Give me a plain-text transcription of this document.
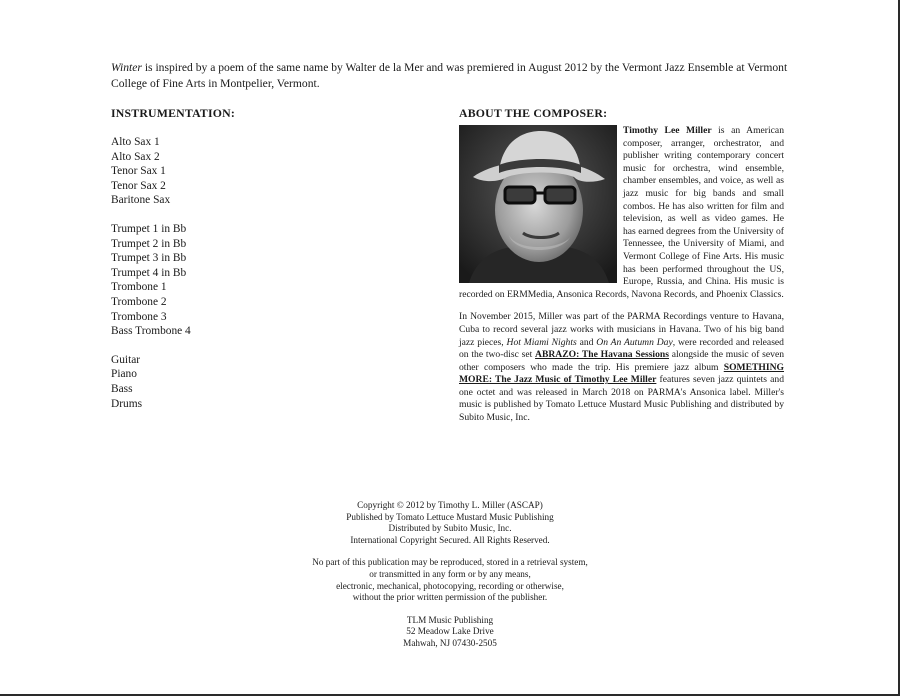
Winter is inspired by a poem of the same name by Walter de la Mer and was premiered in August 2012 by the Vermont Jazz Ensemble at Vermont College of Fine Arts in Montpelier, Vermont.

INSTRUMENTATION:
Alto Sax 1
Alto Sax 2
Tenor Sax 1
Tenor Sax 2
Baritone Sax
Trumpet 1 in Bb
Trumpet 2 in Bb
Trumpet 3 in Bb
Trumpet 4 in Bb
Trombone 1
Trombone 2
Trombone 3
Bass Trombone 4
Guitar
Piano
Bass
Drums
ABOUT THE COMPOSER:

Timothy Lee Miller is an American composer, arranger, orchestrator, and publisher writing contemporary concert music for orchestra, wind ensemble, chamber ensembles, and voice, as well as jazz music for big bands and small combos. He has also written for film and television, as well as video games. He has earned degrees from the University of Tennessee, the University of Miami, and Vermont College of Fine Arts. His music has been performed throughout the US, Europe, Russia, and China. His music is recorded on ERMMedia, Ansonica Records, Navona Records, and Phoenix Classics.

In November 2015, Miller was part of the PARMA Recordings venture to Havana, Cuba to record several jazz works with musicians in Havana. Two of his big band jazz pieces, Hot Miami Nights and On An Autumn Day, were recorded and released on the two-disc set ABRAZO: The Havana Sessions alongside the music of seven other composers who made the trip. His premiere jazz album SOMETHING MORE: The Jazz Music of Timothy Lee Miller features seven jazz quintets and one octet and was released in March 2018 on PARMA's Ansonica label. Miller's music is published by Tomato Lettuce Mustard Music Publishing and distributed by Subito Music, Inc.

Copyright © 2012 by Timothy L. Miller (ASCAP)
Published by Tomato Lettuce Mustard Music Publishing
Distributed by Subito Music, Inc.
International Copyright Secured. All Rights Reserved.

No part of this publication may be reproduced, stored in a retrieval system,
or transmitted in any form or by any means,
electronic, mechanical, photocopying, recording or otherwise,
without the prior written permission of the publisher.

TLM Music Publishing
52 Meadow Lake Drive
Mahwah, NJ 07430-2505
